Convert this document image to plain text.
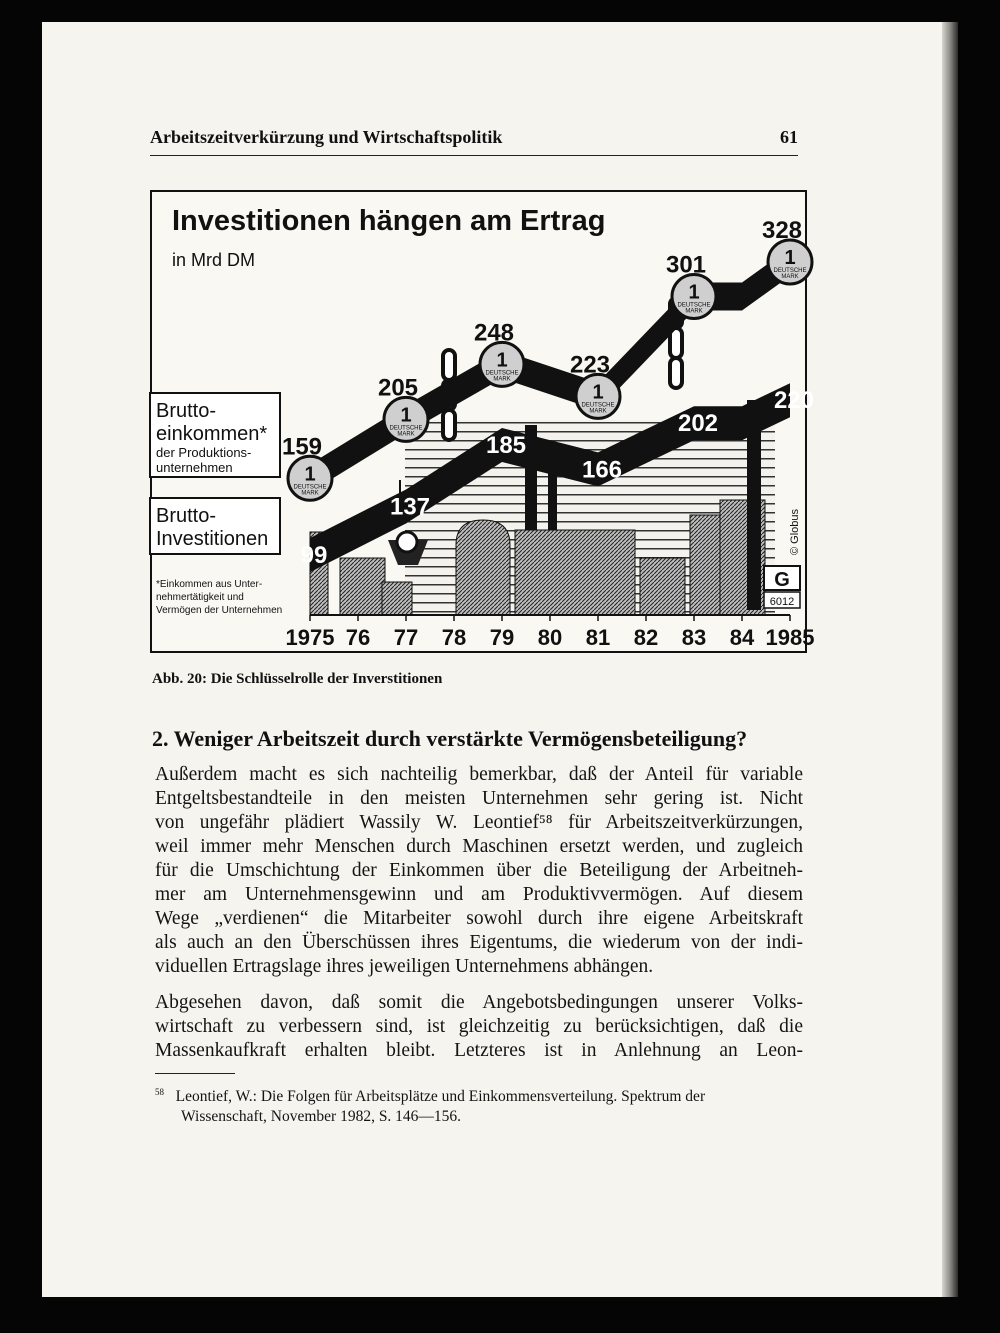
Arbeitszeitverkürzung und Wirtschaftspolitik	61
1
DEUTSCHE
MARK
1
DEUTSCHE
MARK
1
DEUTSCHE
MARK
1
DEUTSCHE
MARK
1
DEUTSCHE
MARK
1
DEUTSCHE
MARK
159
205
248
223
301
328
99
137
185
166
202
220
Investitionen hängen am Ertrag
in Mrd DM
Brutto-
einkommen*
der Produktions-
unternehmen
Brutto-
Investitionen
*Einkommen aus Unter-
nehmertätigkeit und
Vermögen der Unternehmen
1975 76 77 78 79 80 81 82 83 84 1985
© Globus
G
6012
Abb. 20: Die Schlüsselrolle der Inverstitionen
2. Weniger Arbeitszeit durch verstärkte Vermögensbeteiligung?
Außerdem macht es sich nachteilig bemerkbar, daß der Anteil für variable
Entgeltsbestandteile in den meisten Unternehmen sehr gering ist. Nicht
von ungefähr plädiert Wassily W. Leontief⁵⁸ für Arbeitszeitverkürzungen,
weil immer mehr Menschen durch Maschinen ersetzt werden, und zugleich
für die Umschichtung der Einkommen über die Beteiligung der Arbeitneh-
mer am Unternehmensgewinn und am Produktivvermögen. Auf diesem
Wege „verdienen“ die Mitarbeiter sowohl durch ihre eigene Arbeitskraft
als auch an den Überschüssen ihres Eigentums, die wiederum von der indi-
viduellen Ertragslage ihres jeweiligen Unternehmens abhängen.
Abgesehen davon, daß somit die Angebotsbedingungen unserer Volks-
wirtschaft zu verbessern sind, ist gleichzeitig zu berücksichtigen, daß die
Massenkaufkraft erhalten bleibt. Letzteres ist in Anlehnung an Leon-
$^{58}$ Leontief, W.: Die Folgen für Arbeitsplätze und Einkommensverteilung. Spektrum der
Wissenschaft, November 1982, S. 146—156.
